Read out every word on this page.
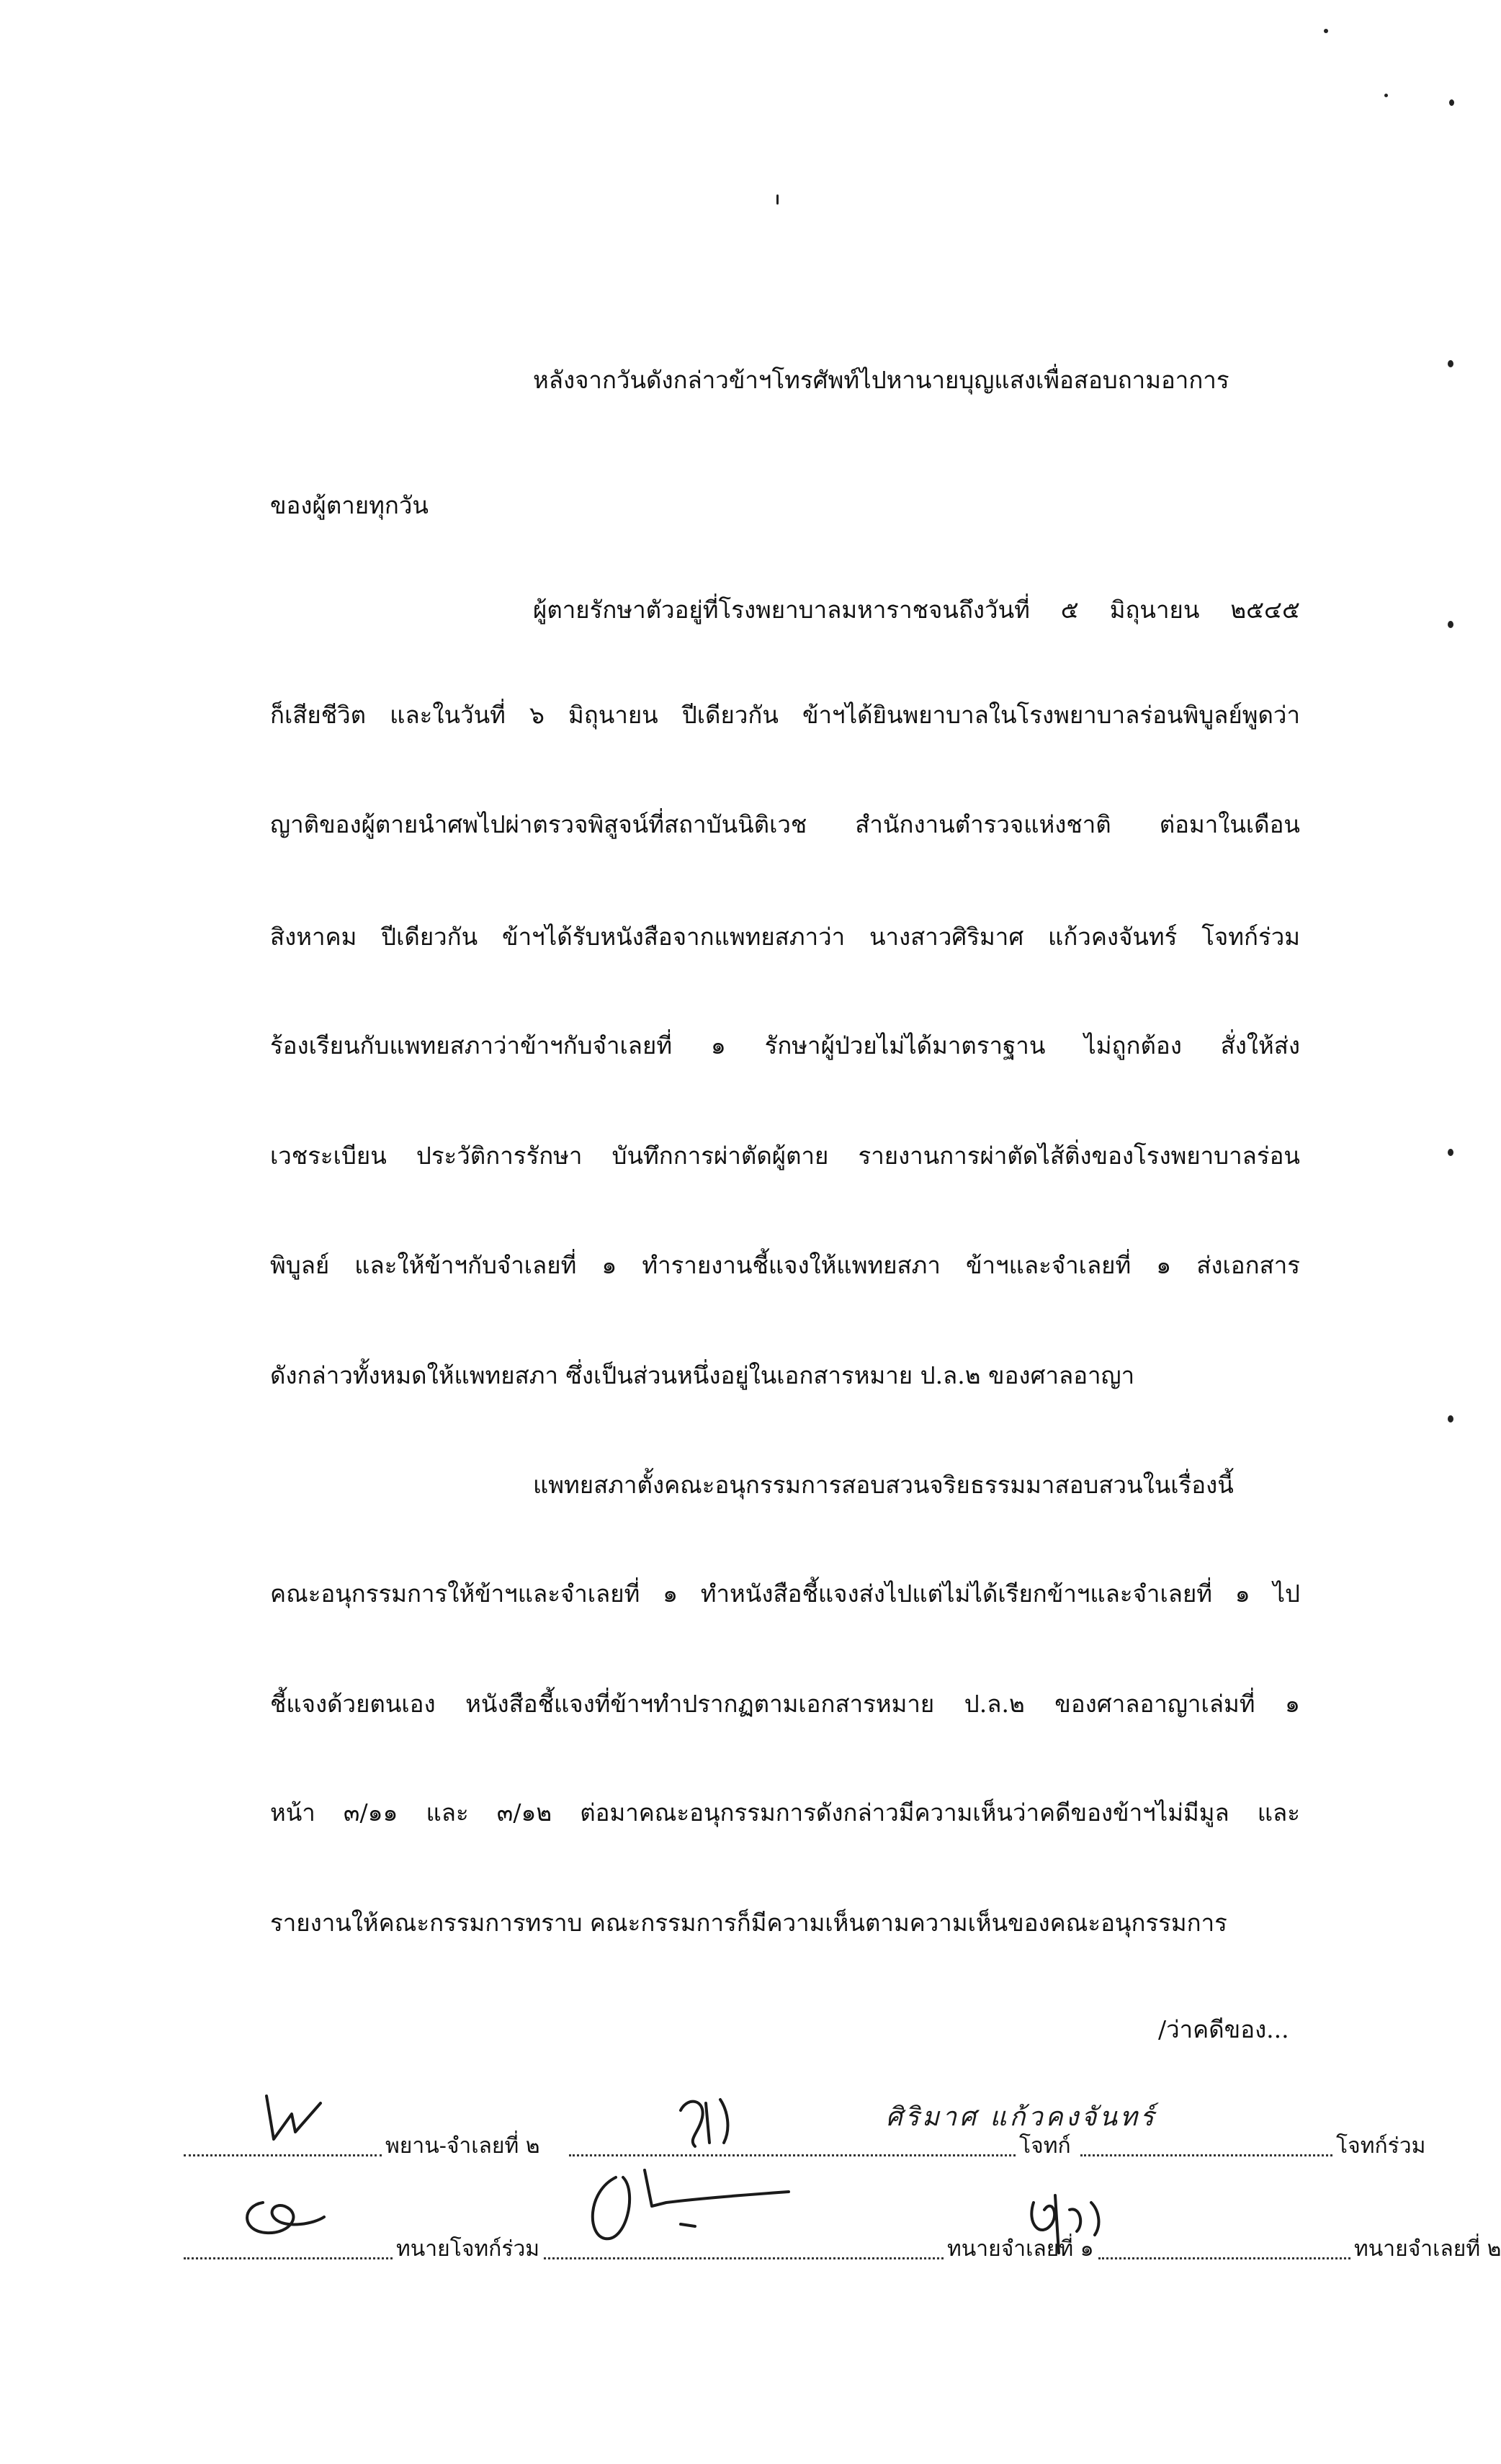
หลังจากวันดังกล่าวข้าฯโทรศัพท์ไปหานายบุญแสงเพื่อสอบถามอาการ
ของผู้ตายทุกวัน
ผู้ตายรักษาตัวอยู่ที่โรงพยาบาลมหาราชจนถึงวันที่ ๕ มิถุนายน ๒๕๔๕
ก็เสียชีวิต และในวันที่ ๖ มิถุนายน ปีเดียวกัน ข้าฯได้ยินพยาบาลในโรงพยาบาลร่อนพิบูลย์พูดว่า
ญาติของผู้ตายนำศพไปผ่าตรวจพิสูจน์ที่สถาบันนิติเวช สำนักงานตำรวจแห่งชาติ ต่อมาในเดือน
สิงหาคม ปีเดียวกัน ข้าฯได้รับหนังสือจากแพทยสภาว่า นางสาวศิริมาศ แก้วคงจันทร์ โจทก์ร่วม
ร้องเรียนกับแพทยสภาว่าข้าฯกับจำเลยที่ ๑ รักษาผู้ป่วยไม่ได้มาตราฐาน ไม่ถูกต้อง สั่งให้ส่ง
เวชระเบียน ประวัติการรักษา บันทึกการผ่าตัดผู้ตาย รายงานการผ่าตัดไส้ติ่งของโรงพยาบาลร่อน
พิบูลย์ และให้ข้าฯกับจำเลยที่ ๑ ทำรายงานชี้แจงให้แพทยสภา ข้าฯและจำเลยที่ ๑ ส่งเอกสาร
ดังกล่าวทั้งหมดให้แพทยสภา ซึ่งเป็นส่วนหนึ่งอยู่ในเอกสารหมาย ป.ล.๒ ของศาลอาญา
แพทยสภาตั้งคณะอนุกรรมการสอบสวนจริยธรรมมาสอบสวนในเรื่องนี้
คณะอนุกรรมการให้ข้าฯและจำเลยที่ ๑ ทำหนังสือชี้แจงส่งไปแต่ไม่ได้เรียกข้าฯและจำเลยที่ ๑ ไป
ชี้แจงด้วยตนเอง หนังสือชี้แจงที่ข้าฯทำปรากฏตามเอกสารหมาย ป.ล.๒ ของศาลอาญาเล่มที่ ๑
หน้า ๓/๑๑ และ ๓/๑๒ ต่อมาคณะอนุกรรมการดังกล่าวมีความเห็นว่าคดีของข้าฯไม่มีมูล และ
รายงานให้คณะกรรมการทราบ คณะกรรมการก็มีความเห็นตามความเห็นของคณะอนุกรรมการ
/ว่าคดีของ...
พยาน-จำเลยที่ ๒	โจทก์	โจทก์ร่วม
ศิริมาศ แก้วคงจันทร์
ทนายโจทก์ร่วม	ทนายจำเลยที่ ๑	ทนายจำเลยที่ ๒
